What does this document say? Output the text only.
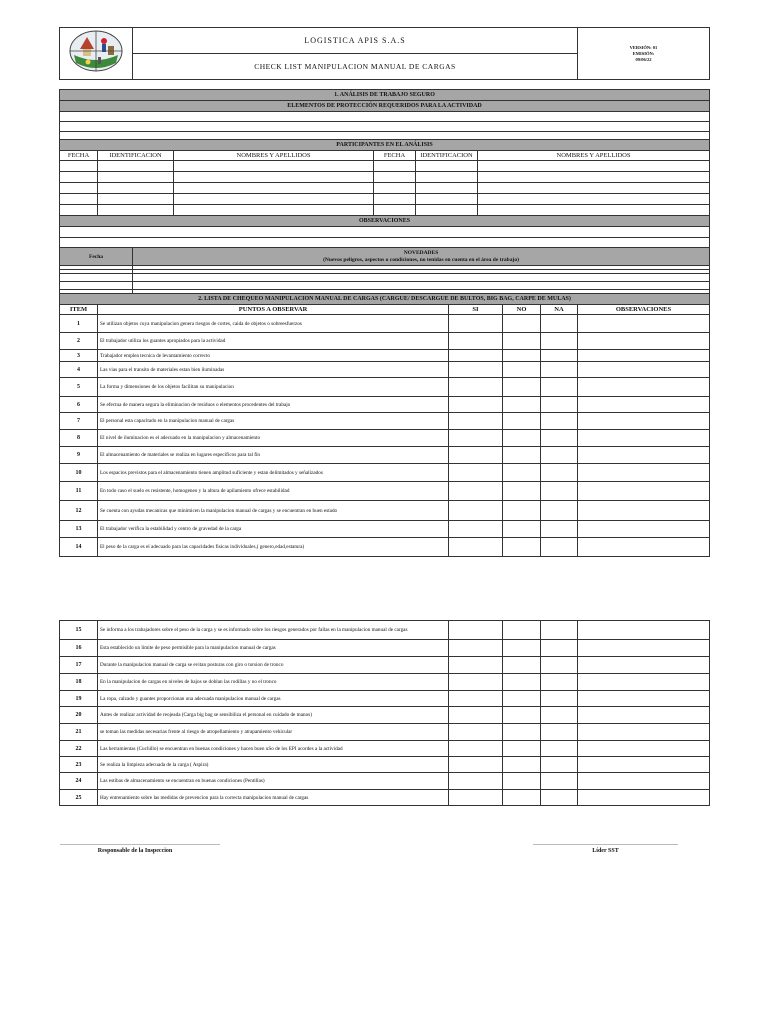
	LOGISTICA APIS S.A.S	
VERSIÓN: 01
EMISIÓN:
09/06/22

CHECK LIST MANIPULACION MANUAL DE CARGAS
1. ANÁLISIS DE TRABAJO SEGURO					
ELEMENTOS DE PROTECCIÓN REQUERIDOS PARA LA ACTIVIDAD					

PARTICIPANTES EN EL ANÁLISIS					
FECHA	IDENTIFICACION	NOMBRES Y APELLIDOS	FECHA	IDENTIFICACION	NOMBRES Y APELLIDOS

OBSERVACIONES					

Fecha	NOVEDADES
(Nuevos peligros, aspectos o condiciones, no tenidas en cuenta en el área de trabajo)

2. LISTA DE CHEQUEO MANIPULACION MANUAL DE CARGAS (CARGUE/ DESCARGUE DE BULTOS, BIG BAG, CARPE DE MULAS)					
ITEM	PUNTOS A OBSERVAR	SI	NO	NA	OBSERVACIONES
1	Se utilizan objetos cuya manipulacion genera riesgos de cortes, caida de objetos o sobreesfuerzos				
2	El trabajador utiliza los guantes apropiados para la actividad				
3	Trabajador emplea tecnica de levantamiento correcto				
4	Las vias para el transito de materiales estan bien iluminadas				
5	La forma y dimensiones de los objetos facilitan su manipulacion				
6	Se efectua de manera segura la eliminacion de residuos o elementos procedentes del trabajo				
7	El personal esta capacitado en la manipulacion manual de cargas				
8	El nivel de iluminacion es el adecuado en la manipulacion y almacenamiento				
9	El almacenamiento de materiales se realiza en lugares especificos para tal fin				
10	Los espacios previstos para el almacenamiento tienen amplitud suficiente y estan delimitados y señalizados				
11	En todo caso el suelo es resistente, homogeneo y la altura de apilamiento ofrece estabilidad				
12	Se cuenta con ayudas mecanicas que minimicen la manipulacion manual de cargas y se encuentran en buen estado				
13	El trabajador verifica la estabilidad y centro de gravedad de la carga				
14	El peso de la carga es el adecuado para las capacidades fisicas individuales,( genero,edad,estatura)				
15	Se informa a los trabajadores sobre el peso de la carga y se es informado sobre los riesgos generados por fallas en la manipulacion manual de cargas				
16	Esta establecido un limite de peso permisible para la manipulacion manual de cargas				
17	Durante la manipulacion manual de carga se evitan posturas con giro o torsion de tronco				
18	En la manipulacion de cargas en niveles de bajos se doblan las rodillas y no el tronco				
19	La ropa, calzado y guantes proporcionan una adecuada manipulacion manual de cargas				
20	Antes de realizar actividad de reojeada (Carga big bag se sensibiliza el personal en cuidado de manos)				
21	se toman las medidas necesarias frente al riesgo de atropellamiento y atrapamiento vehicular				
22	Las herramientas (Cuchillo) se encuentran en buenas condiciones y hacen buen uSo de los EPI acordes a la actividad				
23	Se realiza la limpieza adecuada de la carga ( Aspira)				
24	Las estibas de almacenamiento se encuentran en buenas condiciones (Pentillas)				
25	Hay entrenamiento sobre las medidas de prevencion para la correcta manipulacion manual de cargas				
Responsable de la Inspeccion	Líder SST
